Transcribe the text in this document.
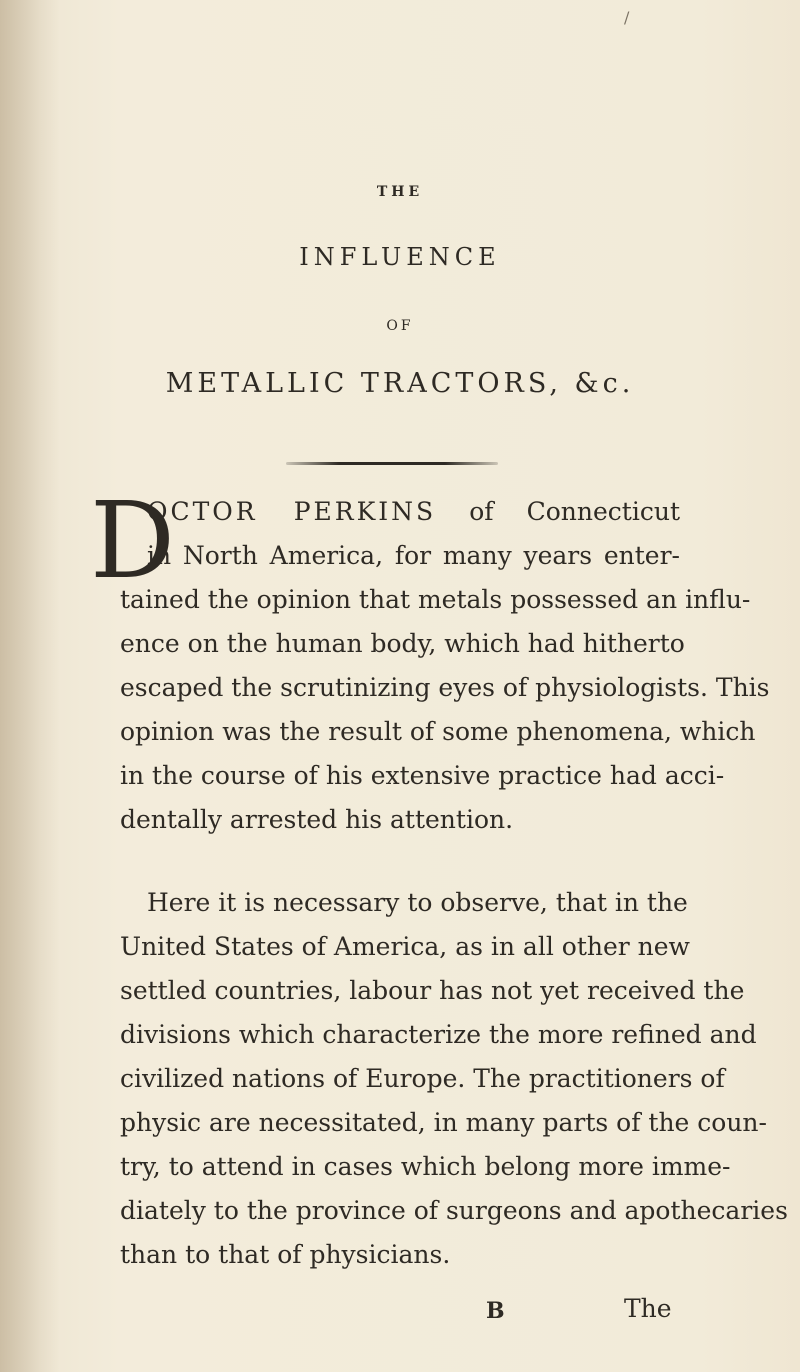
/
THE
INFLUENCE
OF
METALLIC TRACTORS, &c.
D
OCTOR PERKINS of Connecticut
in North America, for many years enter-
tained the opinion that metals possessed an influ-
ence on the human body, which had hitherto
escaped the scrutinizing eyes of physiologists. This
opinion was the result of some phenomena, which
in the course of his extensive practice had acci-
dentally arrested his attention.
Here it is necessary to observe, that in the
United States of America, as in all other new
settled countries, labour has not yet received the
divisions which characterize the more refined and
civilized nations of Europe. The practitioners of
physic are necessitated, in many parts of the coun-
try, to attend in cases which belong more imme-
diately to the province of surgeons and apothecaries
than to that of physicians.
B	The
